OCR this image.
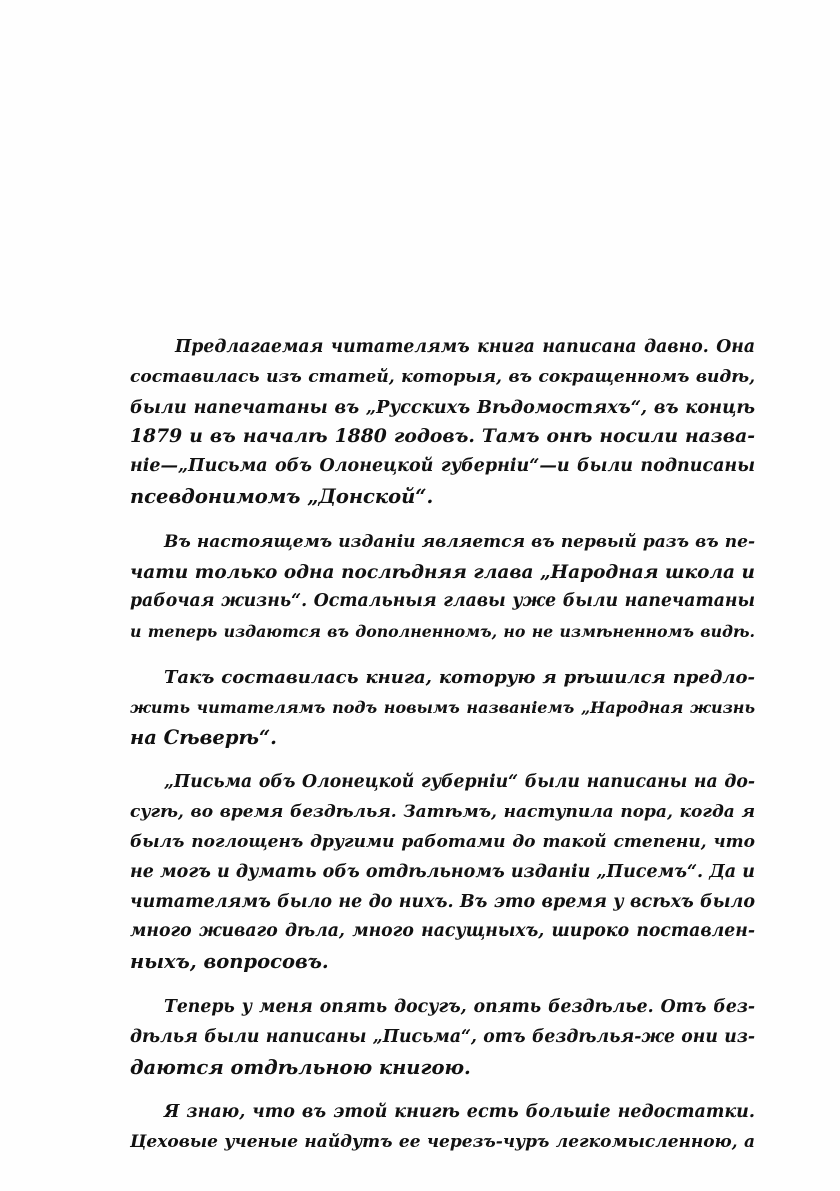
Предлагаемая читателямъ книга написана давно. Она
составилась изъ статей, которыя, въ сокращенномъ видѣ,
были напечатаны въ „Русскихъ Вѣдомостяхъ“, въ концѣ
1879 и въ началѣ 1880 годовъ. Тамъ онѣ носили назва-
ніе—„Письма объ Олонецкой губерніи“—и были подписаны
псевдонимомъ „Донской“.
Въ настоящемъ изданіи является въ первый разъ въ пе-
чати только одна послѣдняя глава „Народная школа и
рабочая жизнь“. Остальныя главы уже были напечатаны
и теперь издаются въ дополненномъ, но не измѣненномъ видѣ.
Такъ составилась книга, которую я рѣшился предло-
жить читателямъ подъ новымъ названіемъ „Народная жизнь
на Сѣверѣ“.
„Письма объ Олонецкой губерніи“ были написаны на до-
сугѣ, во время бездѣлья. Затѣмъ, наступила пора, когда я
былъ поглощенъ другими работами до такой степени, что
не могъ и думать объ отдѣльномъ изданіи „Писемъ“. Да и
читателямъ было не до нихъ. Въ это время у всѣхъ было
много живаго дѣла, много насущныхъ, широко поставлен-
ныхъ, вопросовъ.
Теперь у меня опять досугъ, опять бездѣлье. Отъ без-
дѣлья были написаны „Письма“, отъ бездѣлья-же они из-
даются отдѣльною книгою.
Я знаю, что въ этой книгѣ есть большіе недостатки.
Цеховые ученые найдутъ ее черезъ-чуръ легкомысленною, а
